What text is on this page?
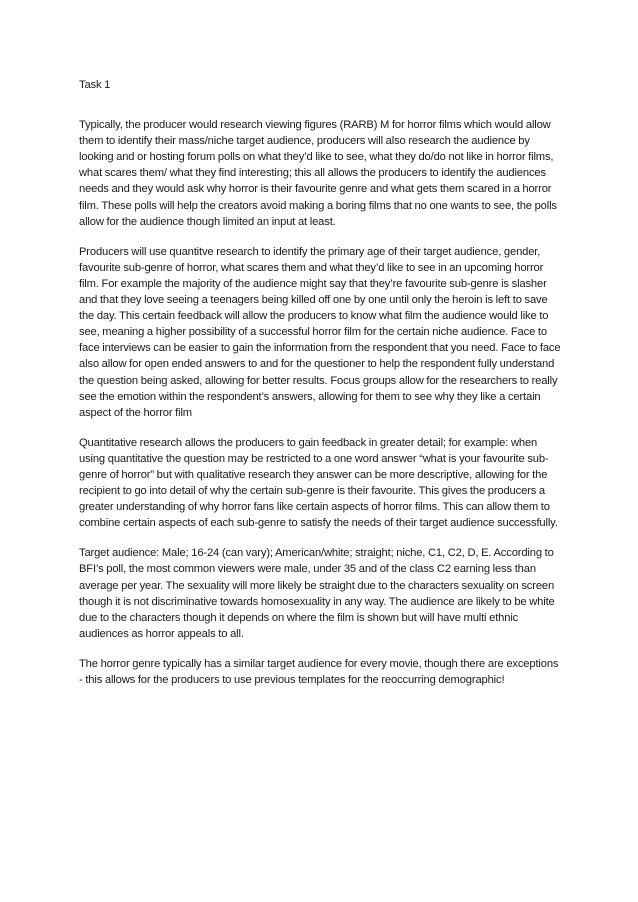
Task 1

Typically, the producer would research viewing figures (RARB) M for horror films which would allow them to identify their mass/niche target audience, producers will also research the audience by looking and or hosting forum polls on what they’d like to see, what they do/do not like in horror films, what scares them/ what they find interesting; this all allows the producers to identify the audiences needs and they would ask why horror is their favourite genre and what gets them scared in a horror film. These polls will help the creators avoid making a boring films that no one wants to see, the polls allow for the audience though limited an input at least.

Producers will use quantitve research to identify the primary age of their target audience, gender, favourite sub-genre of horror, what scares them and what they’d like to see in an upcoming horror film. For example the majority of the audience might say that they’re favourite sub-genre is slasher and that they love seeing a teenagers being killed off one by one until only the heroin is left to save the day. This certain feedback will allow the producers to know what film the audience would like to see, meaning a higher possibility of a successful horror film for the certain niche audience. Face to face interviews can be easier to gain the information from the respondent that you need. Face to face also allow for open ended answers to and for the questioner to help the respondent fully understand the question being asked, allowing for better results. Focus groups allow for the researchers to really see the emotion within the respondent’s answers, allowing for them to see why they like a certain aspect of the horror film

Quantitative research allows the producers to gain feedback in greater detail; for example: when using quantitative the question may be restricted to a one word answer “what is your favourite sub-genre of horror” but with qualitative research they answer can be more descriptive, allowing for the recipient to go into detail of why the certain sub-genre is their favourite. This gives the producers a greater understanding of why horror fans like certain aspects of horror films. This can allow them to combine certain aspects of each sub-genre to satisfy the needs of their target audience successfully.

Target audience: Male; 16-24 (can vary); American/white; straight; niche, C1, C2, D, E. According to BFI’s poll, the most common viewers were male, under 35 and of the class C2 earning less than average per year. The sexuality will more likely be straight due to the characters sexuality on screen though it is not discriminative towards homosexuality in any way. The audience are likely to be white due to the characters though it depends on where the film is shown but will have multi ethnic audiences as horror appeals to all.

The horror genre typically has a similar target audience for every movie, though there are exceptions - this allows for the producers to use previous templates for the reoccurring demographic!
